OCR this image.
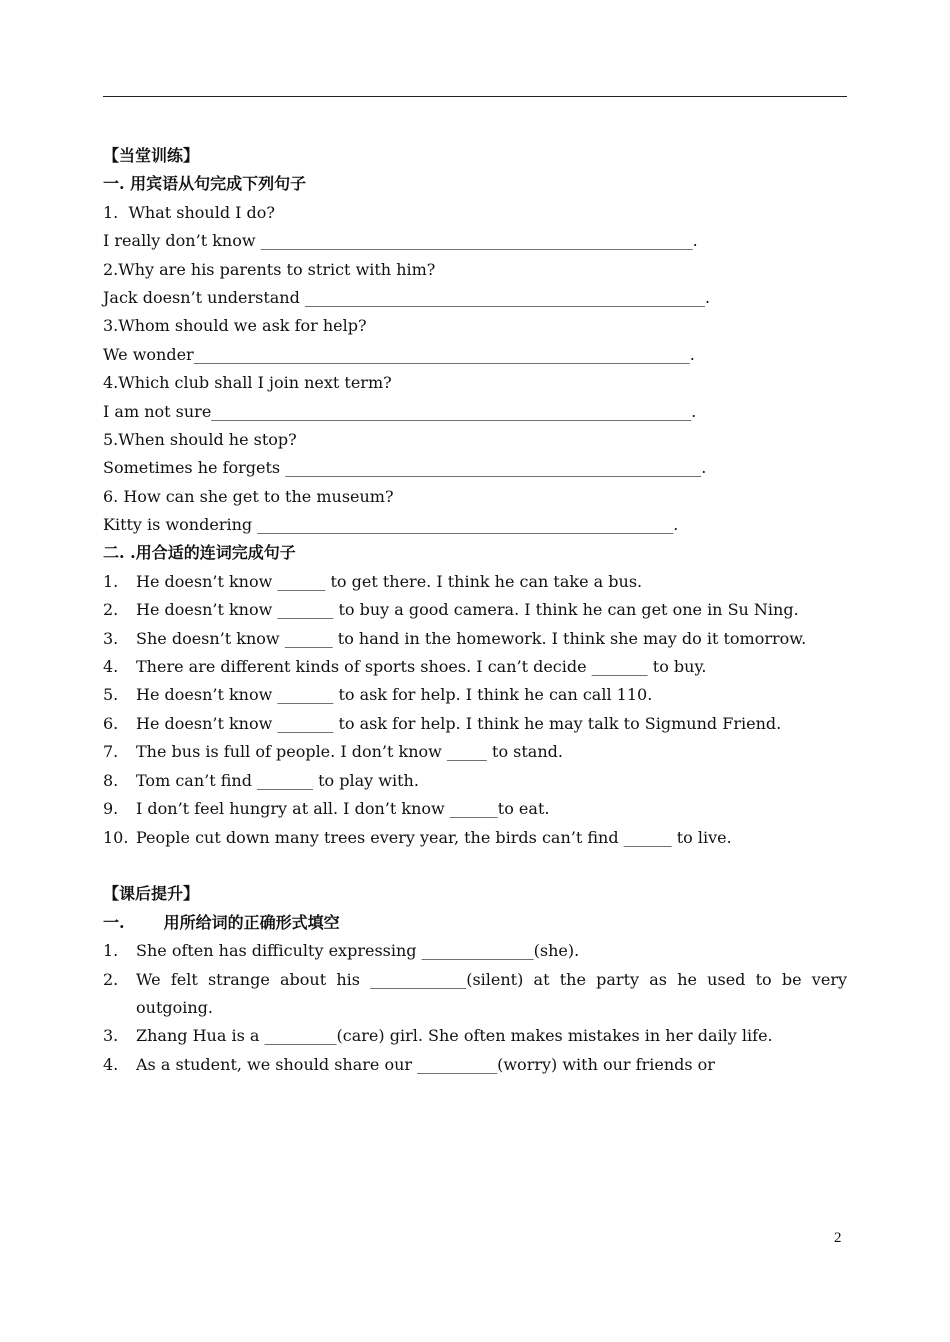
【当堂训练】
一. 用宾语从句完成下列句子
1.  What should I do?
I really don’t know ______________________________________________________.
2.Why are his parents to strict with him?
Jack doesn’t understand __________________________________________________.
3.Whom should we ask for help?
We wonder______________________________________________________________.
4.Which club shall I join next term?
I am not sure____________________________________________________________.
5.When should he stop?
Sometimes he forgets ____________________________________________________.
6. How can she get to the museum?
Kitty is wondering ____________________________________________________.
二. .用合适的连词完成句子
1.	He doesn’t know ______ to get there. I think he can take a bus.
2.	He doesn’t know _______ to buy a good camera. I think he can get one in Su Ning.
3.	She doesn’t know ______ to hand in the homework. I think she may do it tomorrow.
4.	There are different kinds of sports shoes. I can’t decide _______ to buy.
5.	He doesn’t know _______ to ask for help. I think he can call 110.
6.	He doesn’t know _______ to ask for help. I think he may talk to Sigmund Friend.
7.	The bus is full of people. I don’t know _____ to stand.
8.	Tom can’t find _______ to play with.
9.	I don’t feel hungry at all. I don’t know ______to eat.
10. People cut down many trees every year, the birds can’t find ______ to live.
【课后提升】
一.       用所给词的正确形式填空
1.	She often has difficulty expressing ______________(she).
2.	We felt strange about his ____________(silent) at the party as he used to be very outgoing.
3.	Zhang Hua is a _________(care) girl. She often makes mistakes in her daily life.
4.	As a student, we should share our __________(worry) with our friends or
2
